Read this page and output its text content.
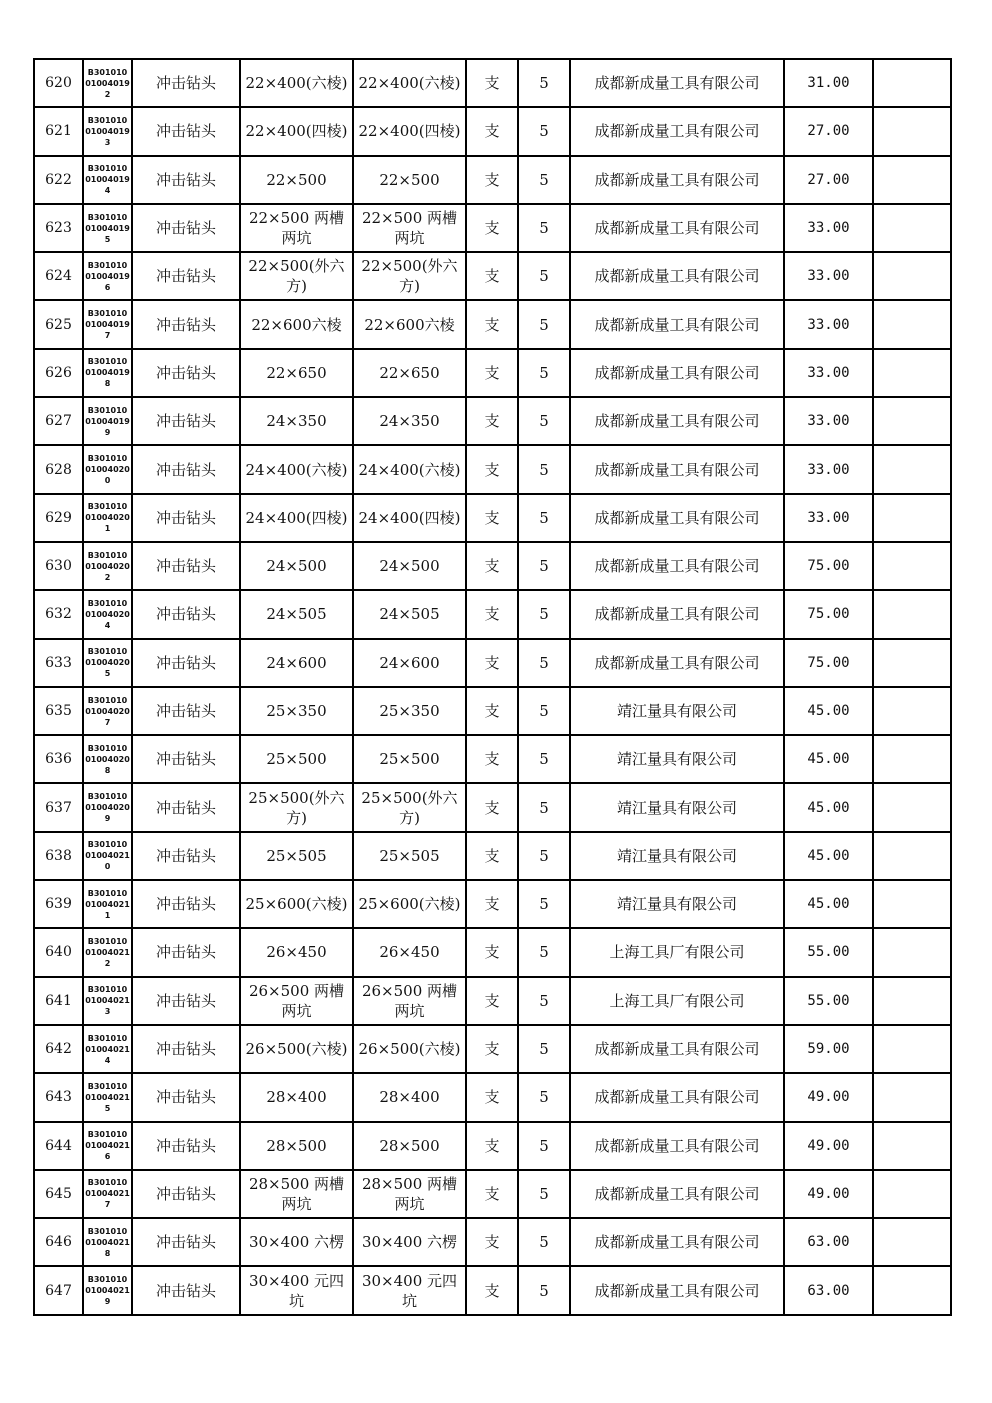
620	B301010010040192	冲击钻头	22×400(六棱)	22×400(六棱)	支	5	成都新成量工具有限公司	31.00	
621	B301010010040193	冲击钻头	22×400(四棱)	22×400(四棱)	支	5	成都新成量工具有限公司	27.00	
622	B301010010040194	冲击钻头	22×500	22×500	支	5	成都新成量工具有限公司	27.00	
623	B301010010040195	冲击钻头	22×500 两槽两坑	22×500 两槽两坑	支	5	成都新成量工具有限公司	33.00	
624	B301010010040196	冲击钻头	22×500(外六方)	22×500(外六方)	支	5	成都新成量工具有限公司	33.00	
625	B301010010040197	冲击钻头	22×600六棱	22×600六棱	支	5	成都新成量工具有限公司	33.00	
626	B301010010040198	冲击钻头	22×650	22×650	支	5	成都新成量工具有限公司	33.00	
627	B301010010040199	冲击钻头	24×350	24×350	支	5	成都新成量工具有限公司	33.00	
628	B301010010040200	冲击钻头	24×400(六棱)	24×400(六棱)	支	5	成都新成量工具有限公司	33.00	
629	B301010010040201	冲击钻头	24×400(四棱)	24×400(四棱)	支	5	成都新成量工具有限公司	33.00	
630	B301010010040202	冲击钻头	24×500	24×500	支	5	成都新成量工具有限公司	75.00	
632	B301010010040204	冲击钻头	24×505	24×505	支	5	成都新成量工具有限公司	75.00	
633	B301010010040205	冲击钻头	24×600	24×600	支	5	成都新成量工具有限公司	75.00	
635	B301010010040207	冲击钻头	25×350	25×350	支	5	靖江量具有限公司	45.00	
636	B301010010040208	冲击钻头	25×500	25×500	支	5	靖江量具有限公司	45.00	
637	B301010010040209	冲击钻头	25×500(外六方)	25×500(外六方)	支	5	靖江量具有限公司	45.00	
638	B301010010040210	冲击钻头	25×505	25×505	支	5	靖江量具有限公司	45.00	
639	B301010010040211	冲击钻头	25×600(六棱)	25×600(六棱)	支	5	靖江量具有限公司	45.00	
640	B301010010040212	冲击钻头	26×450	26×450	支	5	上海工具厂有限公司	55.00	
641	B301010010040213	冲击钻头	26×500 两槽两坑	26×500 两槽两坑	支	5	上海工具厂有限公司	55.00	
642	B301010010040214	冲击钻头	26×500(六棱)	26×500(六棱)	支	5	成都新成量工具有限公司	59.00	
643	B301010010040215	冲击钻头	28×400	28×400	支	5	成都新成量工具有限公司	49.00	
644	B301010010040216	冲击钻头	28×500	28×500	支	5	成都新成量工具有限公司	49.00	
645	B301010010040217	冲击钻头	28×500 两槽两坑	28×500 两槽两坑	支	5	成都新成量工具有限公司	49.00	
646	B301010010040218	冲击钻头	30×400 六楞	30×400 六楞	支	5	成都新成量工具有限公司	63.00	
647	B301010010040219	冲击钻头	30×400 元四坑	30×400 元四坑	支	5	成都新成量工具有限公司	63.00	
